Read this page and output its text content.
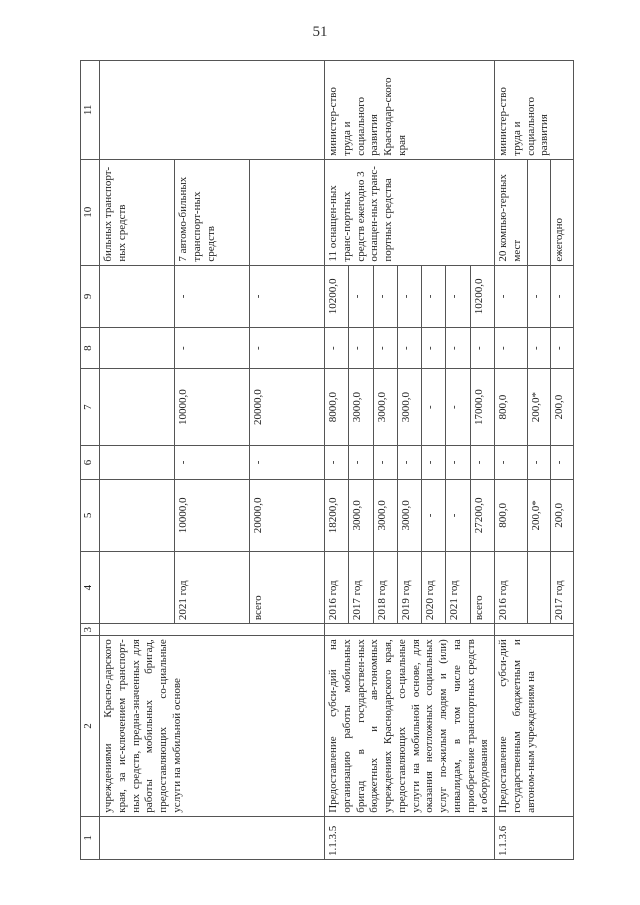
51
1	2	3	4	5	6	7	8	9	10	11
	учреждениями Красно-дарского края, за ис-ключением транспорт-ных средств, предна-значенных для работы мобильных бригад, предоставляющих со-циальные услуги на мобильной основе								бильных транспорт-ных средств	
			2021 год	10000,0	-	10000,0	-	-	7 автомо-бильных транспорт-ных средств	
			всего	20000,0	-	20000,0	-	-		
1.1.3.5	Предоставление субси-дий на организацию работы мобильных бригад в государствен-ных бюджетных и ав-тономных учреждениях Краснодарского края, предоставляющих со-циальные услуги на мобильной основе, для оказания неотложных социальных услуг по-жилым людям и (или) инвалидам, в том числе на приобретение транспортных средств и оборудования		2016 год	18200,0	-	8000,0	-	10200,0	11 оснащен-ных транс-портных средств ежегодно 3 оснащен-ных транс-портных средства	министер-ство труда и социального развития Краснодар-ского края
			2017 год	3000,0	-	3000,0	-	-		
			2018 год	3000,0	-	3000,0	-	-		
			2019 год	3000,0	-	3000,0	-	-		
			2020 год	-	-	-	-	-		
			2021 год	-	-	-	-	-		
			всего	27200,0	-	17000,0	-	10200,0		
1.1.3.6	Предоставление субси-дий государственным бюджетным и автоном-ным учреждениям на		2016 год	800,0	-	800,0	-	-	20 компью-терных мест	министер-ство труда и социального развития
				200,0*	-	200,0*	-	-		
			2017 год	200,0	-	200,0	-	-	ежегодно	
